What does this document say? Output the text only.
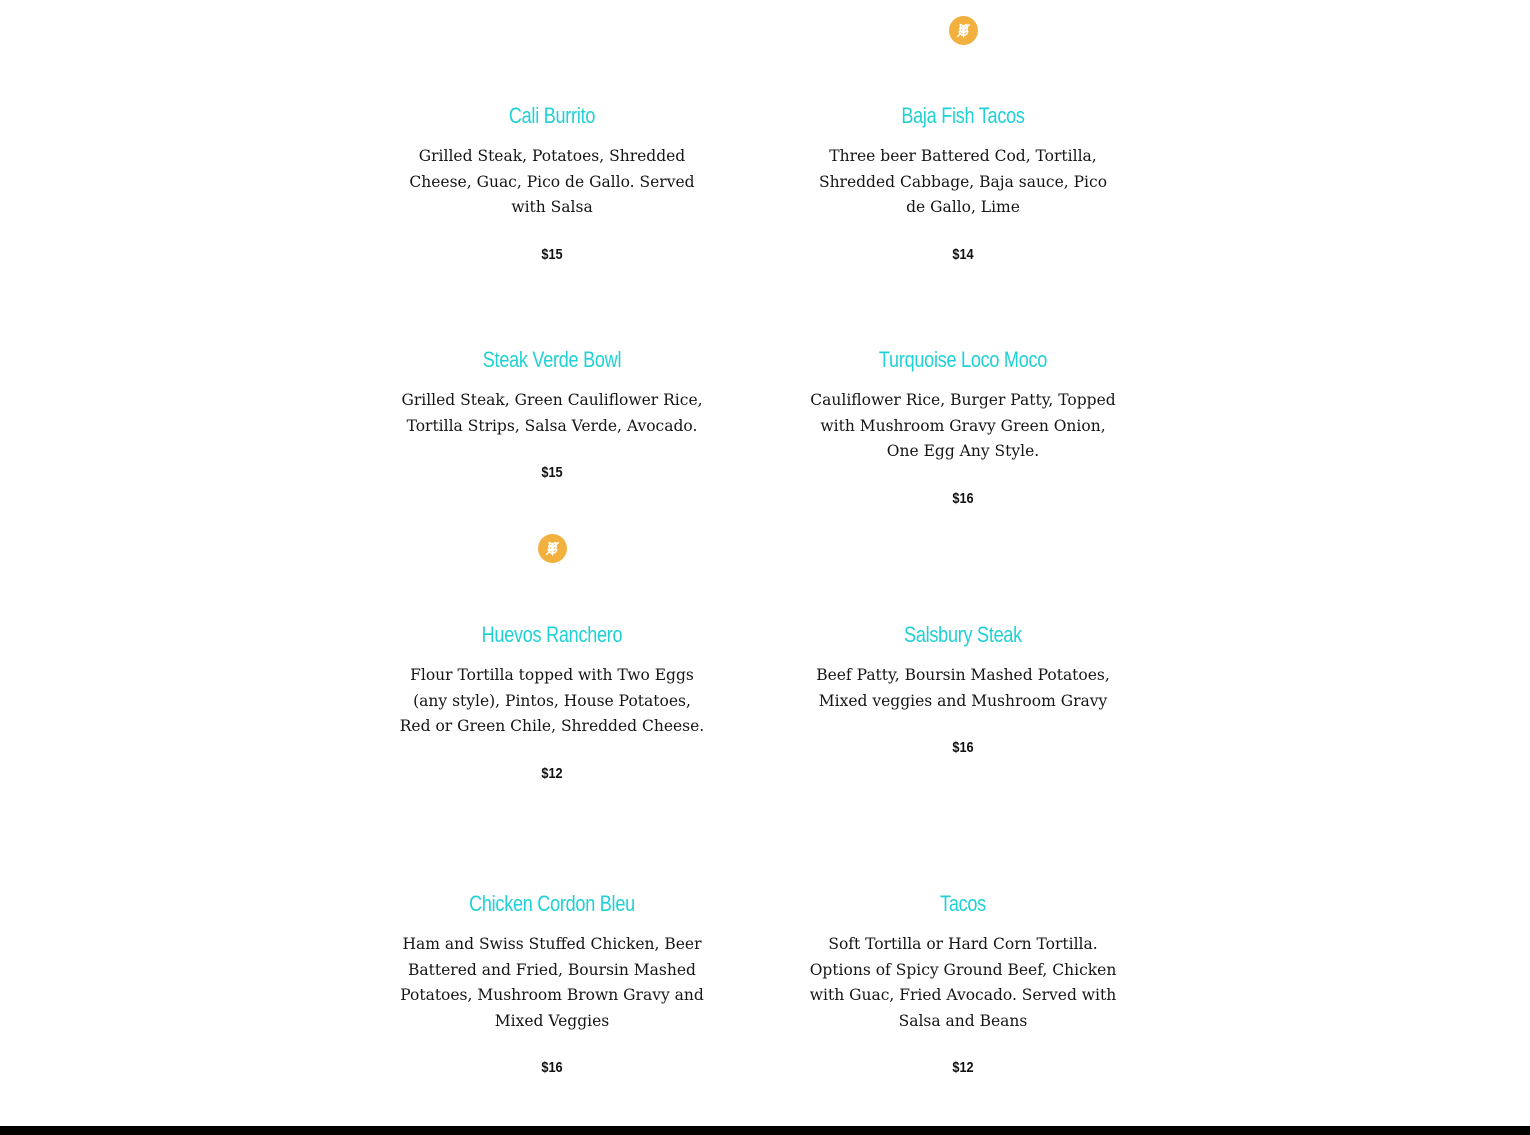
Cali Burrito
Grilled Steak, Potatoes, Shredded Cheese, Guac, Pico de Gallo. Served with Salsa
$15
Baja Fish Tacos
Three beer Battered Cod, Tortilla, Shredded Cabbage, Baja sauce, Pico de Gallo, Lime
$14
Steak Verde Bowl
Grilled Steak, Green Cauliflower Rice, Tortilla Strips, Salsa Verde, Avocado.
$15
Turquoise Loco Moco
Cauliflower Rice, Burger Patty, Topped with Mushroom Gravy Green Onion, One Egg Any Style.
$16
Huevos Ranchero
Flour Tortilla topped with Two Eggs (any style), Pintos, House Potatoes, Red or Green Chile, Shredded Cheese.
$12
Salsbury Steak
Beef Patty, Boursin Mashed Potatoes, Mixed veggies and Mushroom Gravy
$16
Chicken Cordon Bleu
Ham and Swiss Stuffed Chicken, Beer Battered and Fried, Boursin Mashed Potatoes, Mushroom Brown Gravy and Mixed Veggies
$16
Tacos
Soft Tortilla or Hard Corn Tortilla. Options of Spicy Ground Beef, Chicken with Guac, Fried Avocado. Served with Salsa and Beans
$12
